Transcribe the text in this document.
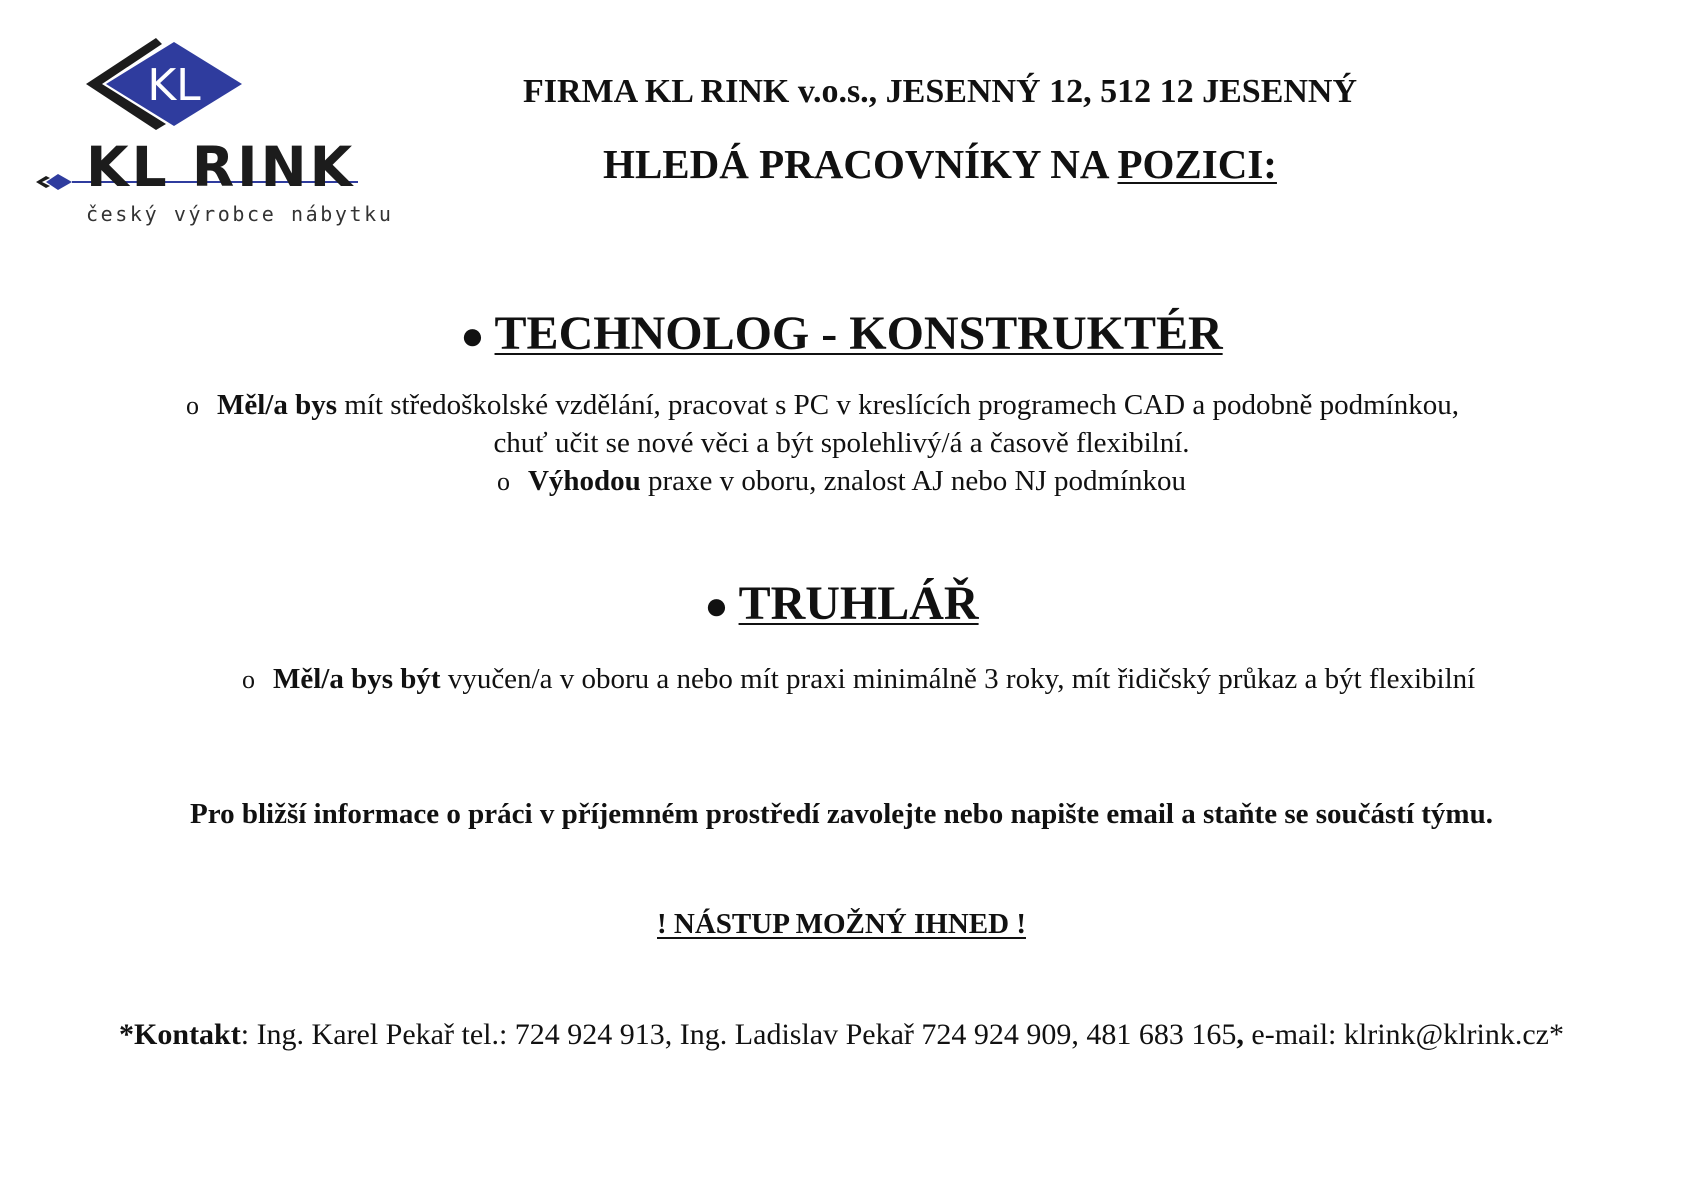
KL
KL RINK
český výrobce nábytku
FIRMA KL RINK v.o.s., JESENNÝ 12, 512 12 JESENNÝ
HLEDÁ PRACOVNÍKY NA POZICI:
● TECHNOLOG - KONSTRUKTÉR
o Měl/a bys mít středoškolské vzdělání, pracovat s PC v kreslících programech CAD a podobně podmínkou,
chuť učit se nové věci a být spolehlivý/á a časově flexibilní.
o Výhodou praxe v oboru, znalost AJ nebo NJ podmínkou
● TRUHLÁŘ
o Měl/a bys být vyučen/a v oboru a nebo mít praxi minimálně 3 roky, mít řidičský průkaz a být flexibilní
Pro bližší informace o práci v příjemném prostředí zavolejte nebo napište email a staňte se součástí týmu.
! NÁSTUP MOŽNÝ IHNED !
*Kontakt: Ing. Karel Pekař tel.: 724 924 913, Ing. Ladislav Pekař 724 924 909, 481 683 165, e-mail: klrink@klrink.cz*
